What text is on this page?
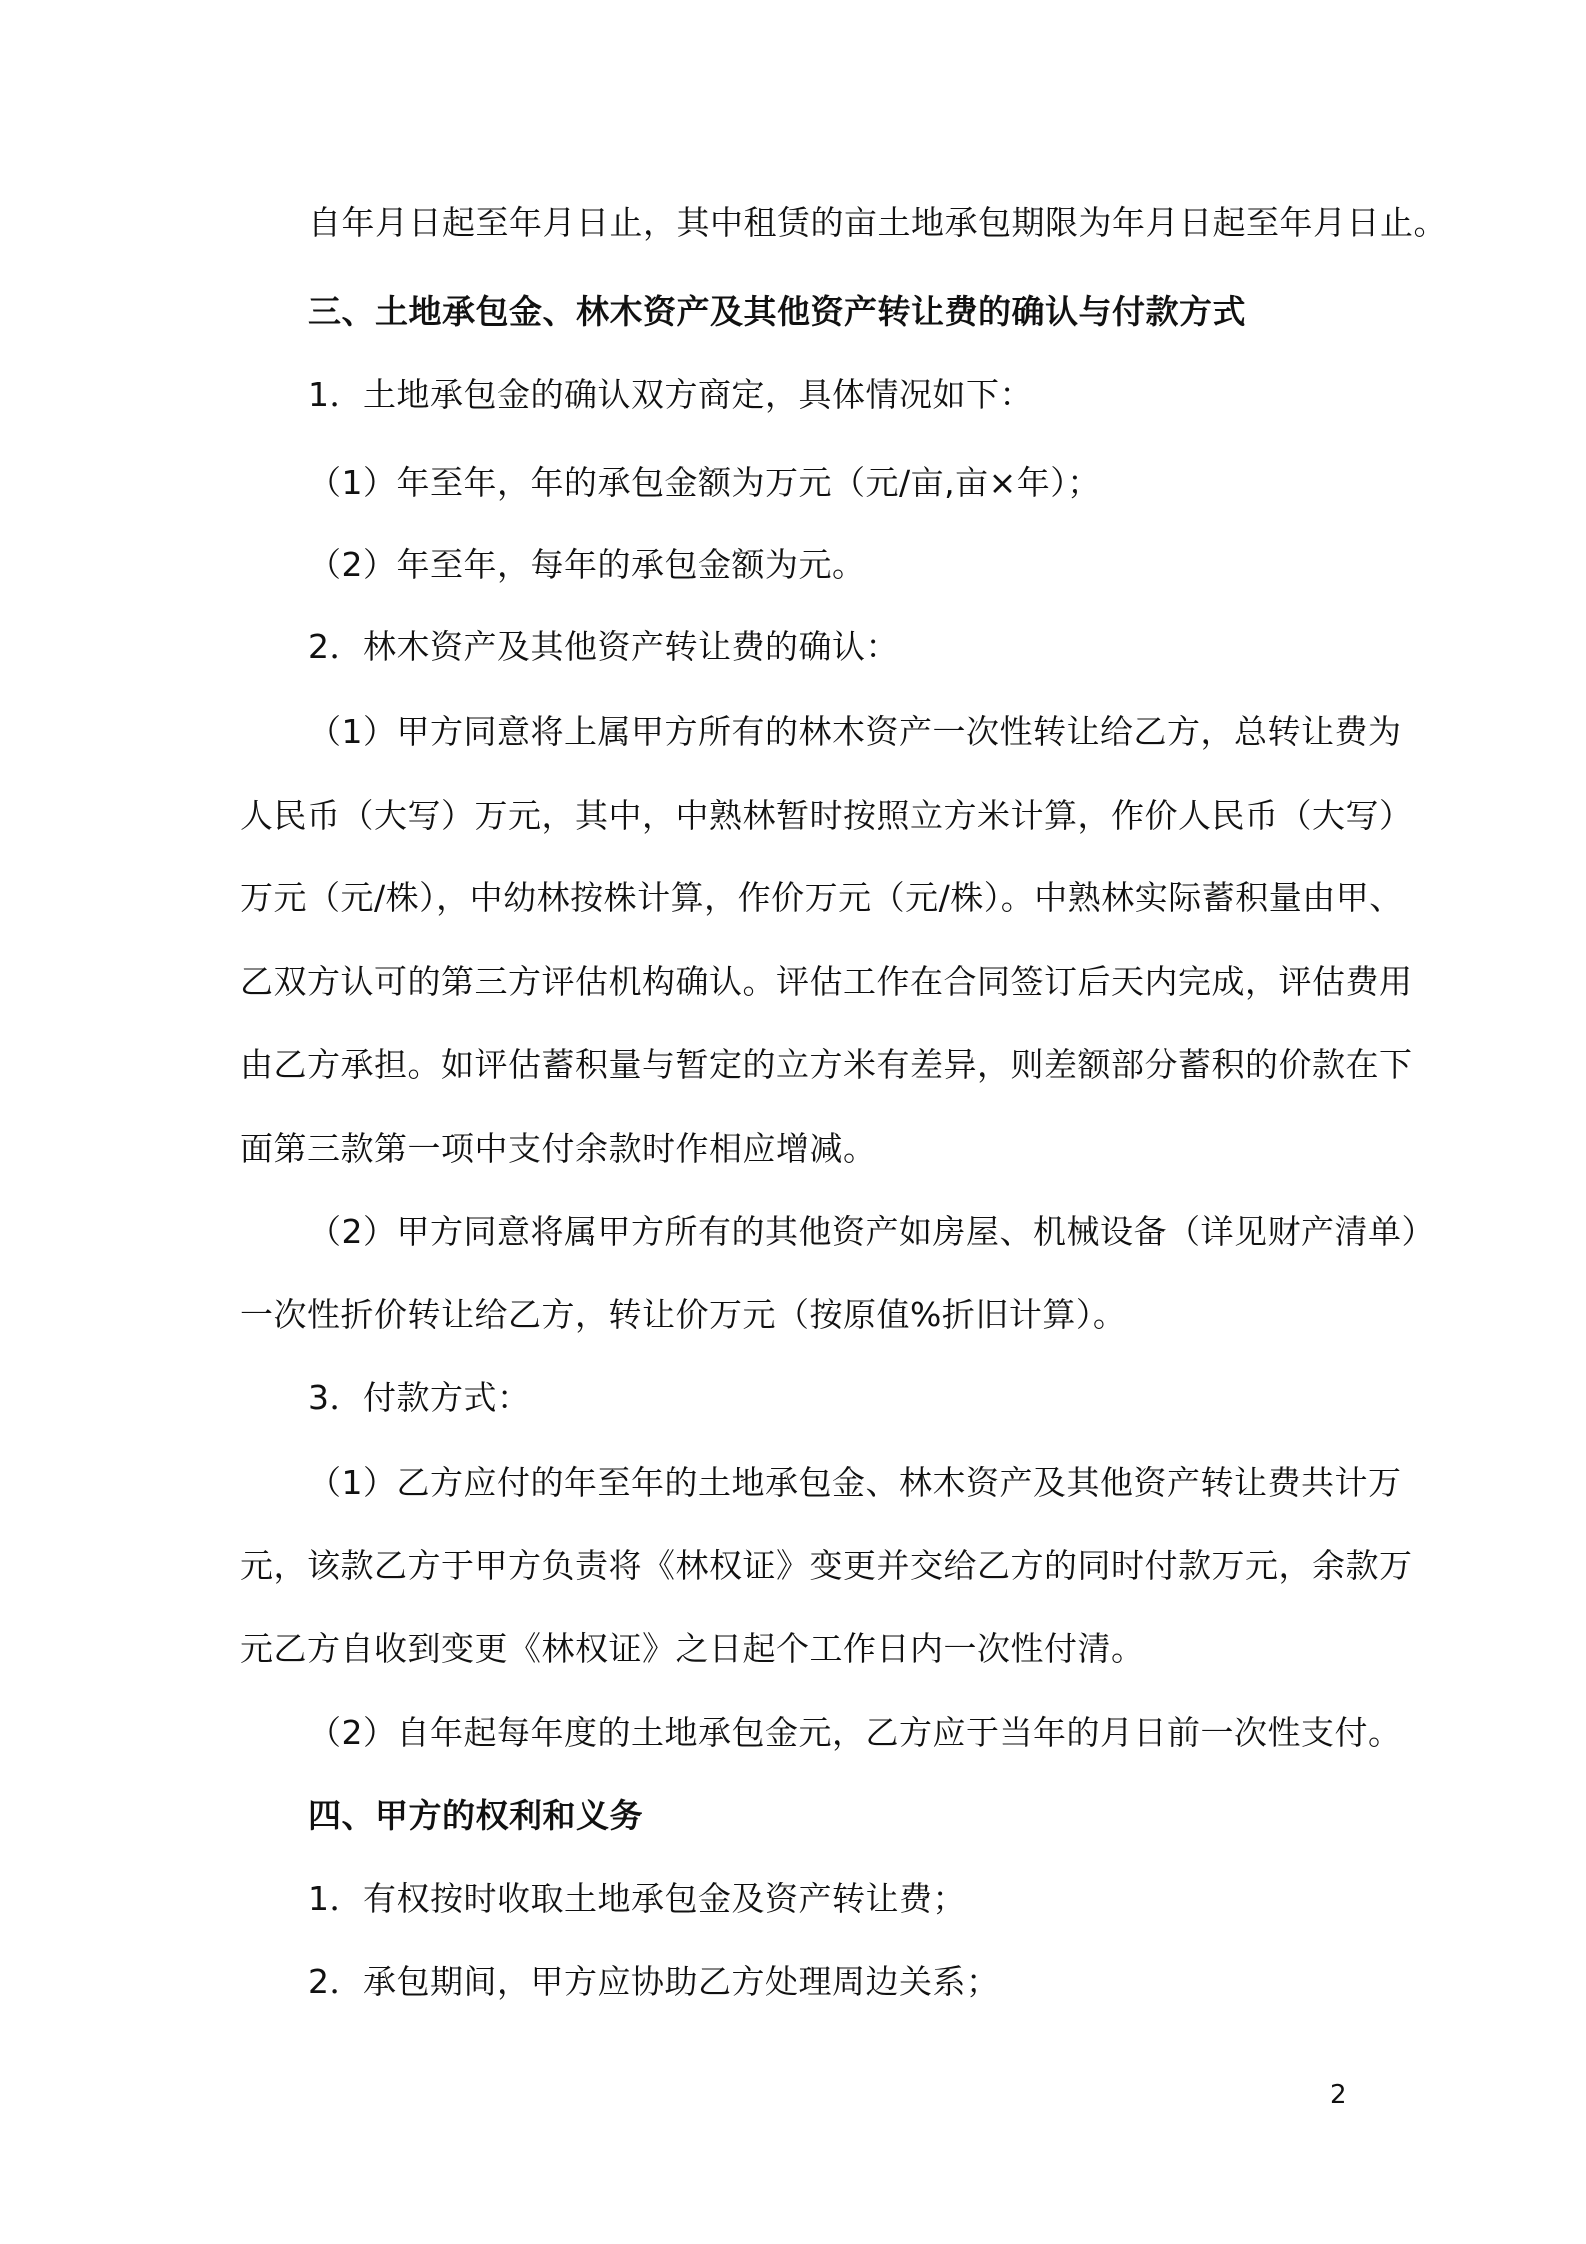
自年月日起至年月日止，其中租赁的亩土地承包期限为年月日起至年月日止。
三、土地承包金、林木资产及其他资产转让费的确认与付款方式
1．土地承包金的确认双方商定，具体情况如下：
（1）年至年，年的承包金额为万元（元/亩,亩×年）；
（2）年至年，每年的承包金额为元。
2．林木资产及其他资产转让费的确认：
（1）甲方同意将上属甲方所有的林木资产一次性转让给乙方，总转让费为
人民币（大写）万元，其中，中熟林暂时按照立方米计算，作价人民币（大写）
万元（元/株），中幼林按株计算，作价万元（元/株）。中熟林实际蓄积量由甲、
乙双方认可的第三方评估机构确认。评估工作在合同签订后天内完成，评估费用
由乙方承担。如评估蓄积量与暂定的立方米有差异，则差额部分蓄积的价款在下
面第三款第一项中支付余款时作相应增减。
（2）甲方同意将属甲方所有的其他资产如房屋、机械设备（详见财产清单）
一次性折价转让给乙方，转让价万元（按原值%折旧计算）。
3．付款方式：
（1）乙方应付的年至年的土地承包金、林木资产及其他资产转让费共计万
元，该款乙方于甲方负责将《林权证》变更并交给乙方的同时付款万元，余款万
元乙方自收到变更《林权证》之日起个工作日内一次性付清。
（2）自年起每年度的土地承包金元，乙方应于当年的月日前一次性支付。
四、甲方的权利和义务
1．有权按时收取土地承包金及资产转让费；
2．承包期间，甲方应协助乙方处理周边关系；
2
